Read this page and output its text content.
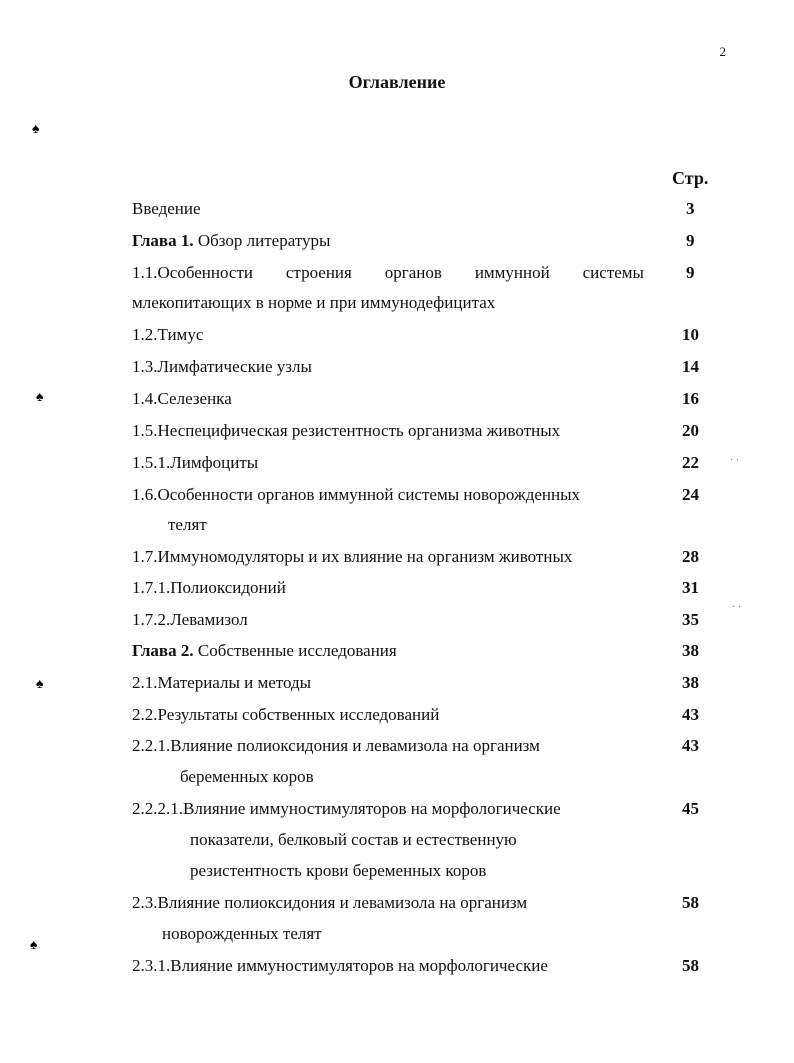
2
Оглавление
Стр.
♠
♠
♠
♠
· ·
· ·
Введение	3
Глава 1. Обзор литературы	9
1.1.Особенности строения органов иммунной системы 9
млекопитающих в норме и при иммунодефицитах
1.2.Тимус	10
1.3.Лимфатические узлы	14
1.4.Селезенка	16
1.5.Неспецифическая резистентность организма животных	20
1.5.1.Лимфоциты	22
1.6.Особенности органов иммунной системы новорожденных	24
телят
1.7.Иммуномодуляторы и их влияние на организм животных	28
1.7.1.Полиоксидоний	31
1.7.2.Левамизол	35
Глава 2. Собственные исследования	38
2.1.Материалы и методы	38
2.2.Результаты собственных исследований	43
2.2.1.Влияние полиоксидония и левамизола на организм	43
беременных коров
2.2.2.1.Влияние иммуностимуляторов на морфологические	45
показатели, белковый состав и естественную
резистентность крови беременных коров
2.3.Влияние полиоксидония и левамизола на организм	58
новорожденных телят
2.3.1.Влияние иммуностимуляторов на морфологические	58
